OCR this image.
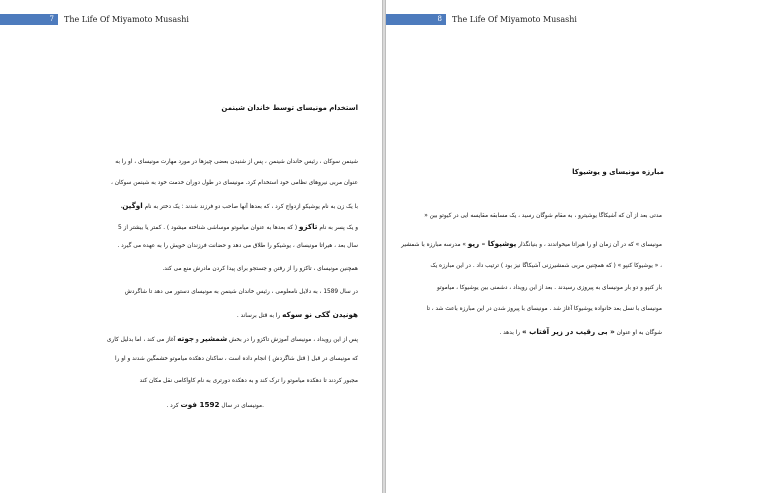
7	The Life Of Miyamoto Musashi
استخدام مونیسای توسط خاندان شینمن
شینمن سوکان ، رئیس خاندان شینمن ، پس از شنیدن بعضی چیزها در مورد مهارت مونیسای ، او را به
عنوان مربی نیروهای نظامی خود استخدام کرد. مونیسای در طول دوران خدمت خود به شینمن سوکان ،
با یک زن به نام یوشیکو ازدواج کرد ، که بعدها آنها صاحب دو فرزند شدند : یک دختر به نام اوگین،
و یک پسر به نام تاکزو ( که بعدها به عنوان میاموتو موساشی شناخته میشود ) . کمتر یا بیشتر از 5
سال بعد ، هیراتا مونیسای ، یوشیکو را طلاق می دهد و حضانت فرزندان خویش را به عهده می گیرد .
همچنین مونیسای ، تاکزو را از رفتن و جستجو برای پیدا کردن مادرش منع می کند.
در سال 1589 ، به دلایل نامعلومی ، رئیس خاندان شینمن به مونیسای دستور می دهد تا شاگردش
هونیدن گکی نو سوکه را به قتل برساند .
پس از این رویداد ، مونیسای آموزش تاکزو را در بخش شمشیر و جوته آغاز می کند ، اما بدلیل کاری
که مونیسای در قبل ( قتل شاگردش ) انجام داده است ، ساکنان دهکده میاموتو خشمگین شدند و او را
مجبور کردند تا دهکده میاموتو را ترک کند و به دهکده دورتری به نام کاواکامی نقل مکان کند
.مونیسای در سال 1592 فوت کرد .
8	The Life Of Miyamoto Musashi
مبارزه مونیسای و یوشیوکا
مدتی بعد از آن که آشیکاگا یوشیترو ، به مقام شوگان رسید ، یک مسابقه مقایسه ایی در کیوتو بین «
مونیسای » که در آن زمان او را هیراتا میخواندند ، و بنیانگذار یوشیوکا – ریو » مدرسه مبارزه با شمشیر
، « یوشیوکا کنپو » ( که همچنین مربی شمشیرزنی آشیکاگا نیز بود ) ترتیب داد . در این مبارزه یک
بار کنپو و دو بار مونیسای به پیروزی رسیدند . بعد از این رویداد ، دشمنی بین یوشیوکا ، میاموتو
مونیسای با نسل بعد خانواده یوشیوکا آغاز شد . مونیسای با پیروز شدن در این مبارزه باعث شد ، تا
شوگان به او عنوان « بی رقیب در زیر آفتاب » را بدهد .
